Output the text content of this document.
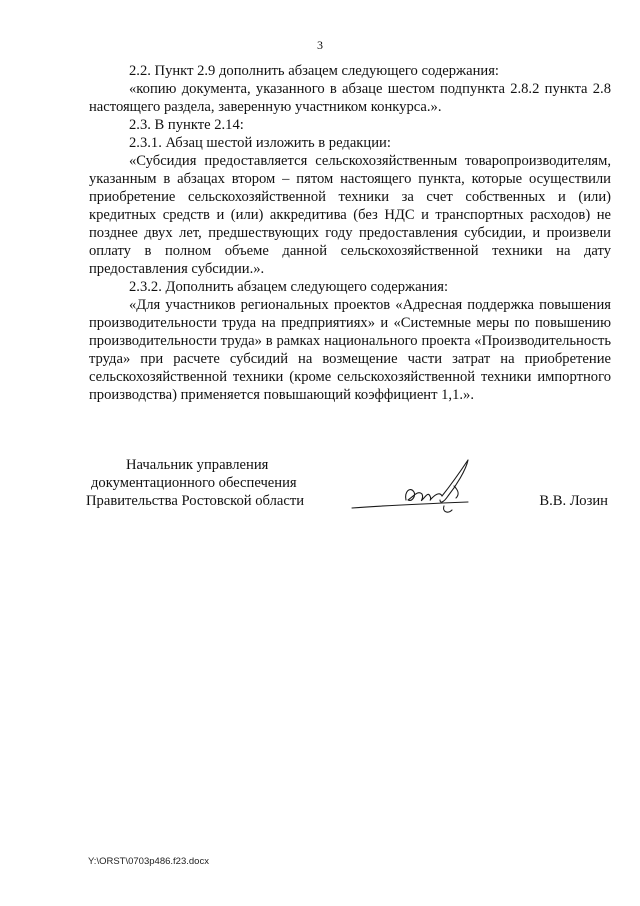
3

2.2. Пункт 2.9 дополнить абзацем следующего содержания:

«копию документа, указанного в абзаце шестом подпункта 2.8.2 пункта 2.8 настоящего раздела, заверенную участником конкурса.».

2.3. В пункте 2.14:

2.3.1. Абзац шестой изложить в редакции:

«Субсидия предоставляется сельскохозяйственным товаропроизводителям, указанным в абзацах втором – пятом настоящего пункта, которые осуществили приобретение сельскохозяйственной техники за счет собственных и (или) кредитных средств и (или) аккредитива (без НДС и транспортных расходов) не позднее двух лет, предшествующих году предоставления субсидии, и произвели оплату в полном объеме данной сельскохозяйственной техники на дату предоставления субсидии.».

2.3.2. Дополнить абзацем следующего содержания:

«Для участников региональных проектов «Адресная поддержка повышения производительности труда на предприятиях» и «Системные меры по повышению производительности труда» в рамках национального проекта «Производительность труда» при расчете субсидий на возмещение части затрат на приобретение сельскохозяйственной техники (кроме сельскохозяйственной техники импортного производства) применяется повышающий коэффициент 1,1.».

Начальник управления
документационного обеспечения
Правительства Ростовской области	В.В. Лозин
Y:\ORST\0703p486.f23.docx
